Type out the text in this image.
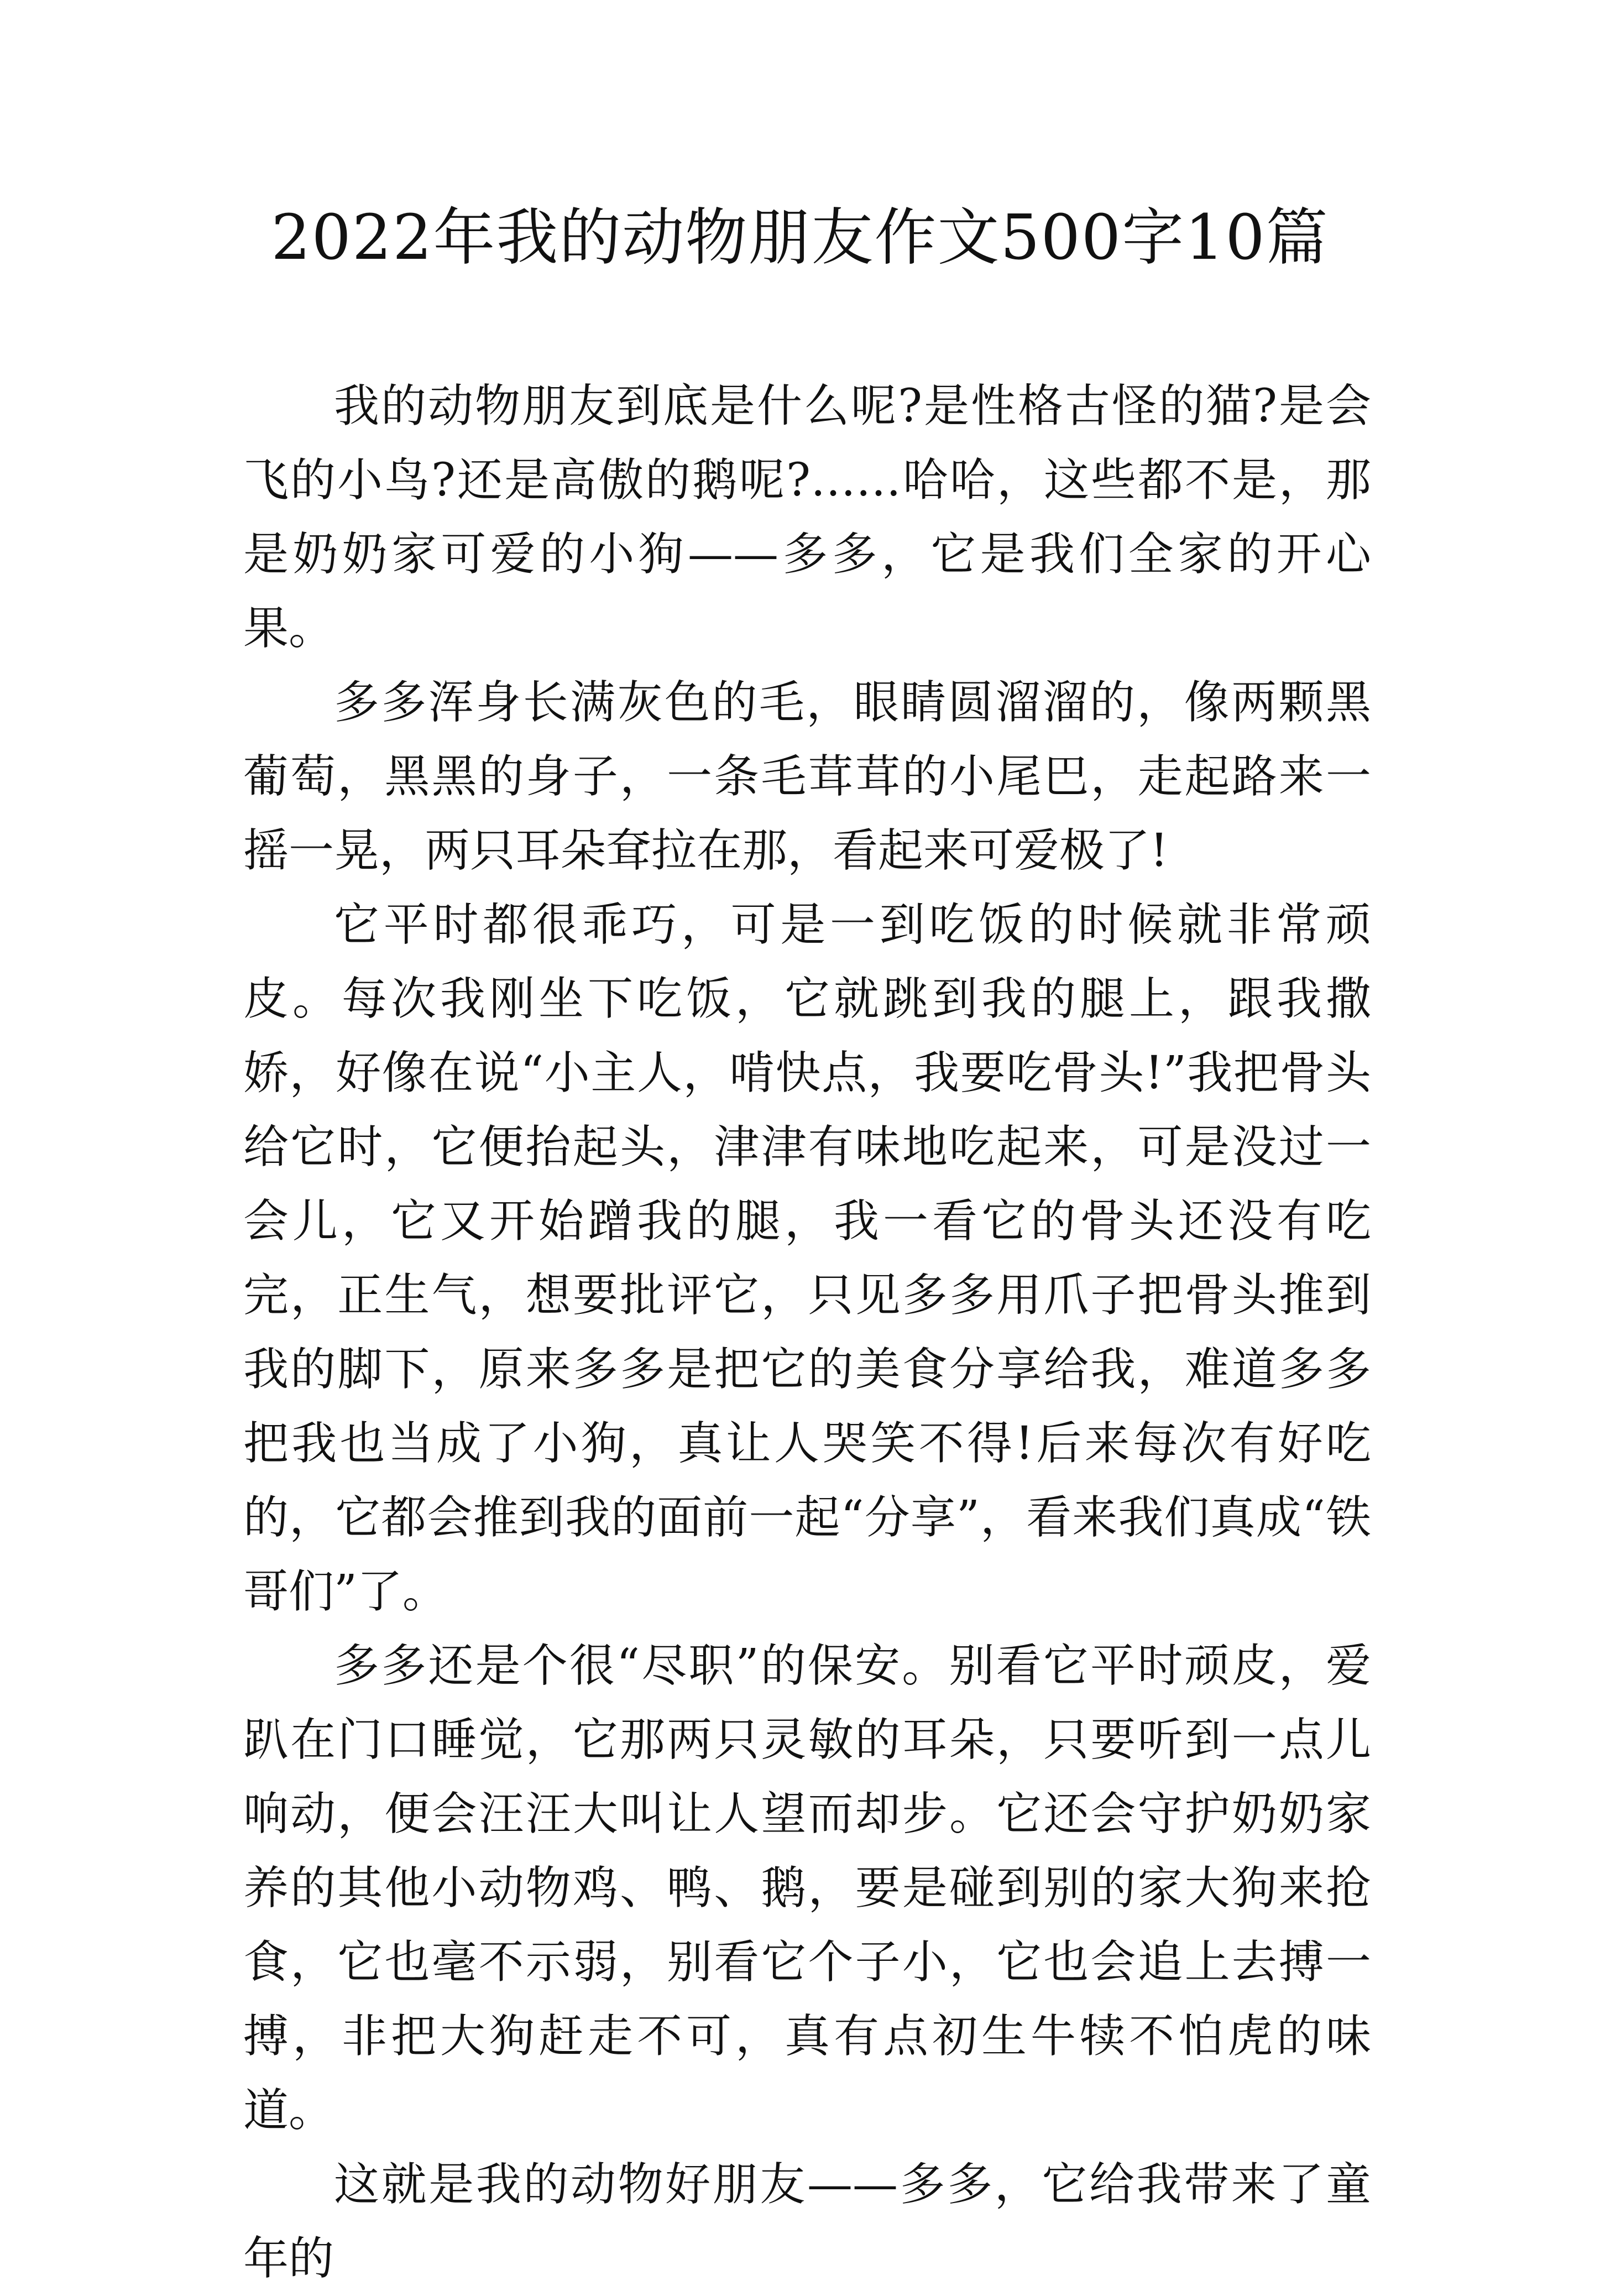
2022年我的动物朋友作文500字10篇

我的动物朋友到底是什么呢?是性格古怪的猫?是会飞的小鸟?还是高傲的鹅呢?……哈哈，这些都不是，那是奶奶家可爱的小狗——多多，它是我们全家的开心果。

多多浑身长满灰色的毛，眼睛圆溜溜的，像两颗黑葡萄，黑黑的身子，一条毛茸茸的小尾巴，走起路来一摇一晃，两只耳朵耷拉在那，看起来可爱极了!

它平时都很乖巧，可是一到吃饭的时候就非常顽皮。每次我刚坐下吃饭，它就跳到我的腿上，跟我撒娇，好像在说“小主人，啃快点，我要吃骨头!”我把骨头给它时，它便抬起头，津津有味地吃起来，可是没过一会儿，它又开始蹭我的腿，我一看它的骨头还没有吃完，正生气，想要批评它，只见多多用爪子把骨头推到我的脚下，原来多多是把它的美食分享给我，难道多多把我也当成了小狗，真让人哭笑不得!后来每次有好吃的，它都会推到我的面前一起“分享”，看来我们真成“铁哥们”了。

多多还是个很“尽职”的保安。别看它平时顽皮，爱趴在门口睡觉，它那两只灵敏的耳朵，只要听到一点儿响动，便会汪汪大叫让人望而却步。它还会守护奶奶家养的其他小动物鸡、鸭、鹅，要是碰到别的家大狗来抢食，它也毫不示弱，别看它个子小，它也会追上去搏一搏，非把大狗赶走不可，真有点初生牛犊不怕虎的味道。

这就是我的动物好朋友——多多，它给我带来了童年的
